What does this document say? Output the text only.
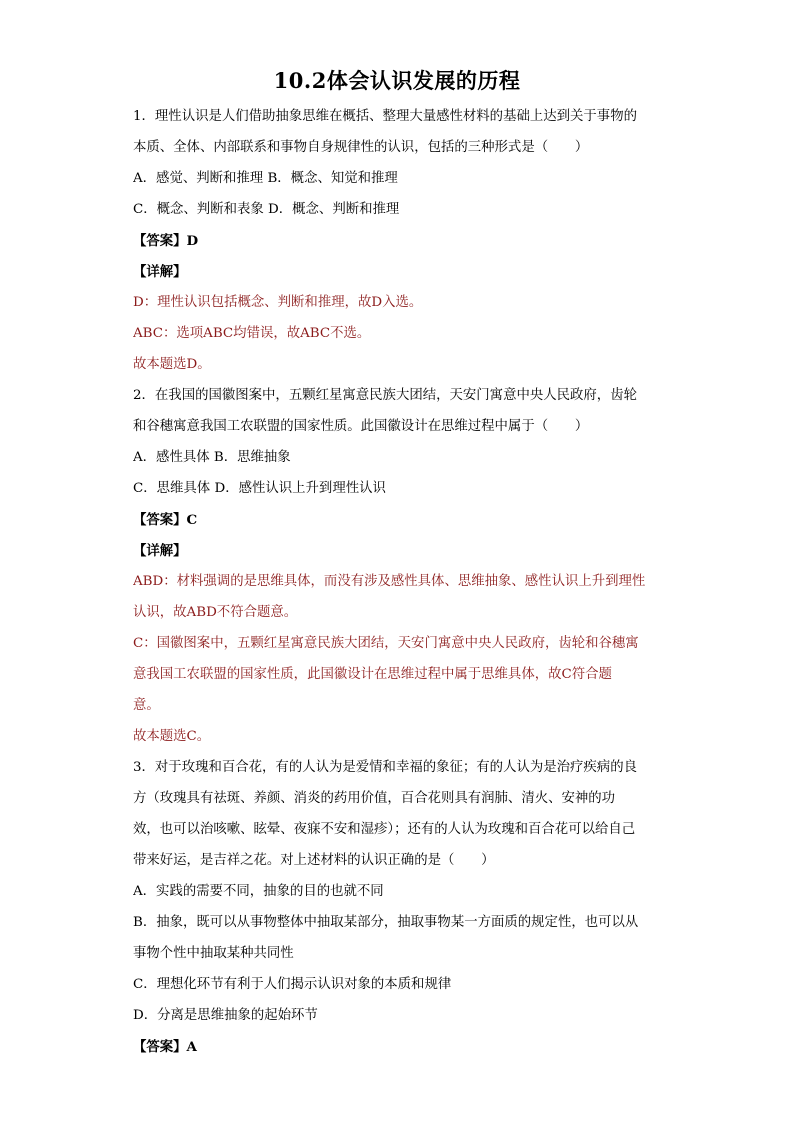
10.2体会认识发展的历程
1．理性认识是人们借助抽象思维在概括、整理大量感性材料的基础上达到关于事物的
本质、全体、内部联系和事物自身规律性的认识，包括的三种形式是（　　）
A．感觉、判断和推理 B．概念、知觉和推理
C．概念、判断和表象 D．概念、判断和推理
【答案】D
【详解】
D：理性认识包括概念、判断和推理，故D入选。
ABC：选项ABC均错误，故ABC不选。
故本题选D。
2．在我国的国徽图案中，五颗红星寓意民族大团结，天安门寓意中央人民政府，齿轮
和谷穗寓意我国工农联盟的国家性质。此国徽设计在思维过程中属于（　　）
A．感性具体 B．思维抽象
C．思维具体 D．感性认识上升到理性认识
【答案】C
【详解】
ABD：材料强调的是思维具体，而没有涉及感性具体、思维抽象、感性认识上升到理性
认识，故ABD不符合题意。
C：国徽图案中，五颗红星寓意民族大团结，天安门寓意中央人民政府，齿轮和谷穗寓
意我国工农联盟的国家性质，此国徽设计在思维过程中属于思维具体，故C符合题
意。
故本题选C。
3．对于玫瑰和百合花，有的人认为是爱情和幸福的象征；有的人认为是治疗疾病的良
方（玫瑰具有祛斑、养颜、消炎的药用价值，百合花则具有润肺、清火、安神的功
效，也可以治咳嗽、眩晕、夜寐不安和湿疹）；还有的人认为玫瑰和百合花可以给自己
带来好运，是吉祥之花。对上述材料的认识正确的是（　　）
A．实践的需要不同，抽象的目的也就不同
B．抽象，既可以从事物整体中抽取某部分，抽取事物某一方面质的规定性，也可以从
事物个性中抽取某种共同性
C．理想化环节有利于人们揭示认识对象的本质和规律
D．分离是思维抽象的起始环节
【答案】A
